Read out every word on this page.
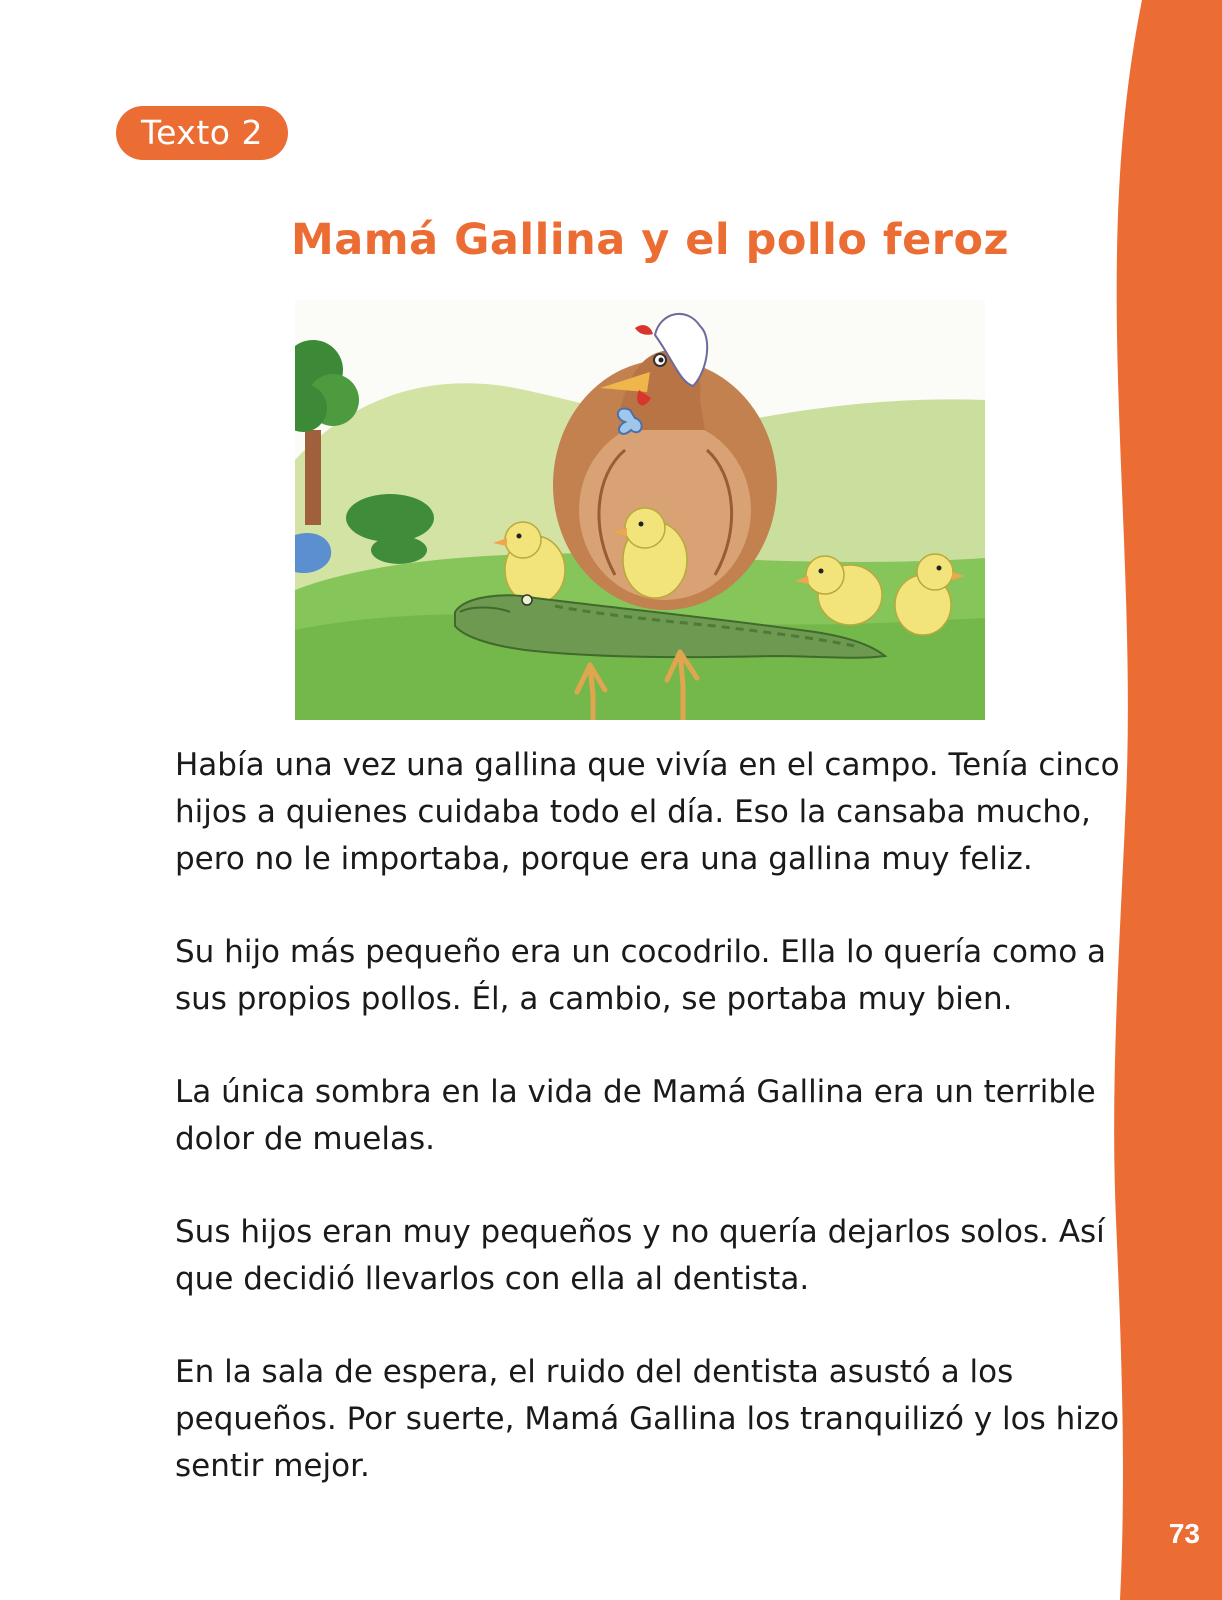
Texto 2
Mamá Gallina y el pollo feroz

Había una vez una gallina que vivía en el campo. Tenía cinco hijos a quienes cuidaba todo el día. Eso la cansaba mucho, pero no le importaba, porque era una gallina muy feliz.

Su hijo más pequeño era un cocodrilo. Ella lo quería como a sus propios pollos. Él, a cambio, se portaba muy bien.

La única sombra en la vida de Mamá Gallina era un terrible dolor de muelas.

Sus hijos eran muy pequeños y no quería dejarlos solos. Así que decidió llevarlos con ella al dentista.

En la sala de espera, el ruido del dentista asustó a los pequeños. Por suerte, Mamá Gallina los tranquilizó y los hizo sentir mejor.

73
